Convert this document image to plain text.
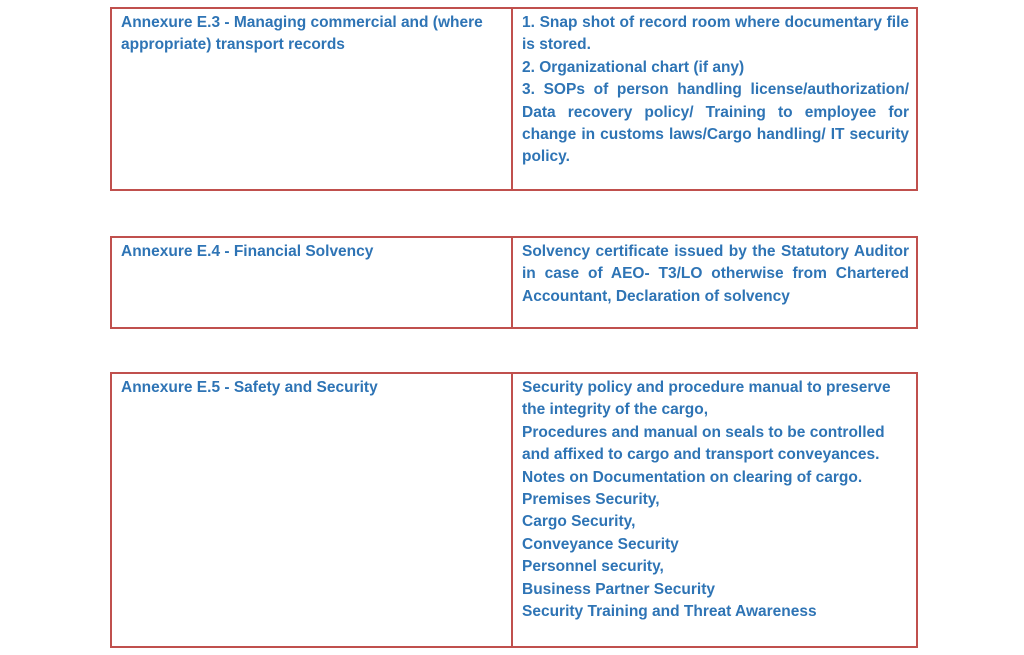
Annexure E.3 - Managing commercial and (where appropriate) transport records
1. Snap shot of record room where documentary file is stored.
2. Organizational chart (if any)
3. SOPs of person handling license/authorization/ Data recovery policy/ Training to employee for change in customs laws/Cargo handling/ IT security policy.
Annexure E.4 - Financial Solvency	Solvency certificate issued by the Statutory Auditor in case of AEO- T3/LO otherwise from Chartered Accountant, Declaration of solvency
Annexure E.5 - Safety and Security	Security policy and procedure manual to preserve the integrity of the cargo,
Procedures and manual on seals to be controlled and affixed to cargo and transport conveyances.
Notes on Documentation on clearing of cargo.
Premises Security,
Cargo Security,
Conveyance Security
Personnel security,
Business Partner Security
Security Training and Threat Awareness
